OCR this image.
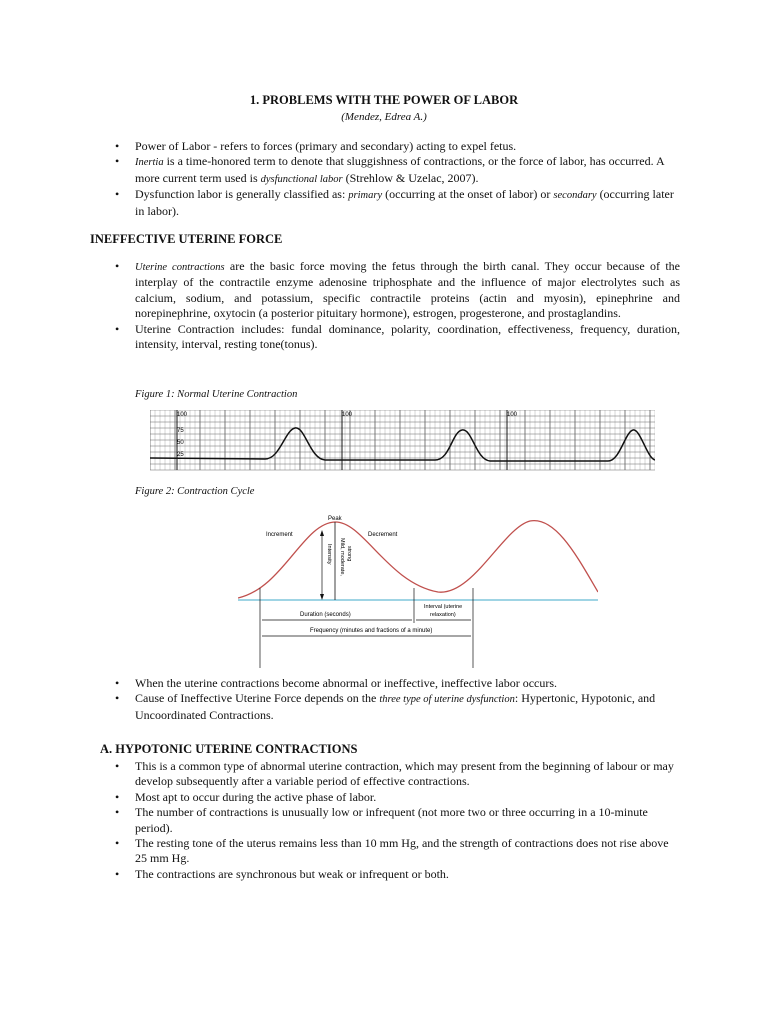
1. PROBLEMS WITH THE POWER OF LABOR
(Mendez, Edrea A.)
• Power of Labor - refers to forces (primary and secondary) acting to expel fetus.
• Inertia is a time-honored term to denote that sluggishness of contractions, or the force of labor, has occurred. A more current term used is dysfunctional labor (Strehlow & Uzelac, 2007).
• Dysfunction labor is generally classified as: primary (occurring at the onset of labor) or secondary (occurring later in labor).
INEFFECTIVE UTERINE FORCE
• Uterine contractions are the basic force moving the fetus through the birth canal. They occur because of the interplay of the contractile enzyme adenosine triphosphate and the influence of major electrolytes such as calcium, sodium, and potassium, specific contractile proteins (actin and myosin), epinephrine and norepinephrine, oxytocin (a posterior pituitary hormone), estrogen, progesterone, and prostaglandins.
• Uterine Contraction includes: fundal dominance, polarity, coordination, effectiveness, frequency, duration, intensity, interval, resting tone(tonus).
Figure 1: Normal Uterine Contraction
100	100	100
75
50
25
Figure 2: Contraction Cycle
Peak
Increment	Decrement
Intensity Mild, moderate, strong
Duration (seconds)
Interval (uterine
relaxation)
Frequency (minutes and fractions of a minute)
• When the uterine contractions become abnormal or ineffective, ineffective labor occurs.
• Cause of Ineffective Uterine Force depends on the three type of uterine dysfunction: Hypertonic, Hypotonic, and Uncoordinated Contractions.
A. HYPOTONIC UTERINE CONTRACTIONS
• This is a common type of abnormal uterine contraction, which may present from the beginning of labour or may develop subsequently after a variable period of effective contractions.
• Most apt to occur during the active phase of labor.
• The number of contractions is unusually low or infrequent (not more two or three occurring in a 10-minute period).
• The resting tone of the uterus remains less than 10 mm Hg, and the strength of contractions does not rise above 25 mm Hg.
• The contractions are synchronous but weak or infrequent or both.
